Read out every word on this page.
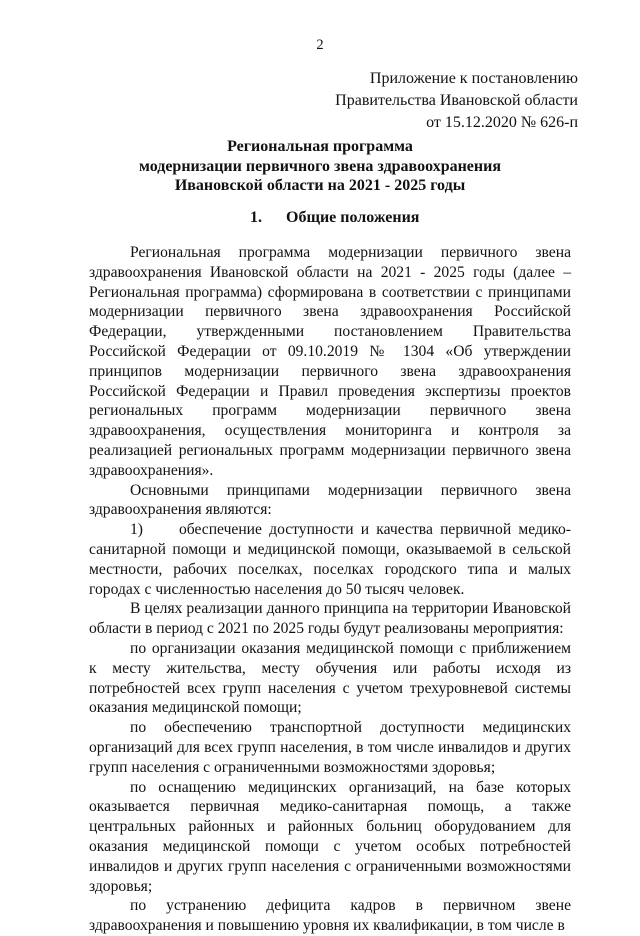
2
Приложение к постановлению
Правительства Ивановской области
от 15.12.2020 № 626-п
Региональная программа
модернизации первичного звена здравоохранения
Ивановской области на 2021 - 2025 годы
1. Общие положения

Региональная программа модернизации первичного звена здравоохранения Ивановской области на 2021 - 2025 годы (далее – Региональная программа) сформирована в соответствии с принципами модернизации первичного звена здравоохранения Российской Федерации, утвержденными постановлением Правительства Российской Федерации от 09.10.2019 № 1304 «Об утверждении принципов модернизации первичного звена здравоохранения Российской Федерации и Правил проведения экспертизы проектов региональных программ модернизации первичного звена здравоохранения, осуществления мониторинга и контроля за реализацией региональных программ модернизации первичного звена здравоохранения».

Основными принципами модернизации первичного звена здравоохранения являются:

1)     обеспечение доступности и качества первичной медико-санитарной помощи и медицинской помощи, оказываемой в сельской местности, рабочих поселках, поселках городского типа и малых городах с численностью населения до 50 тысяч человек.

В целях реализации данного принципа на территории Ивановской области в период с 2021 по 2025 годы будут реализованы мероприятия:

по организации оказания медицинской помощи с приближением к месту жительства, месту обучения или работы исходя из потребностей всех групп населения с учетом трехуровневой системы оказания медицинской помощи;

по обеспечению транспортной доступности медицинских организаций для всех групп населения, в том числе инвалидов и других групп населения с ограниченными возможностями здоровья;

по оснащению медицинских организаций, на базе которых оказывается первичная медико-санитарная помощь, а также центральных районных и районных больниц оборудованием для оказания медицинской помощи с учетом особых потребностей инвалидов и других групп населения с ограниченными возможностями здоровья;

по устранению дефицита кадров в первичном звене здравоохранения и повышению уровня их квалификации, в том числе в
